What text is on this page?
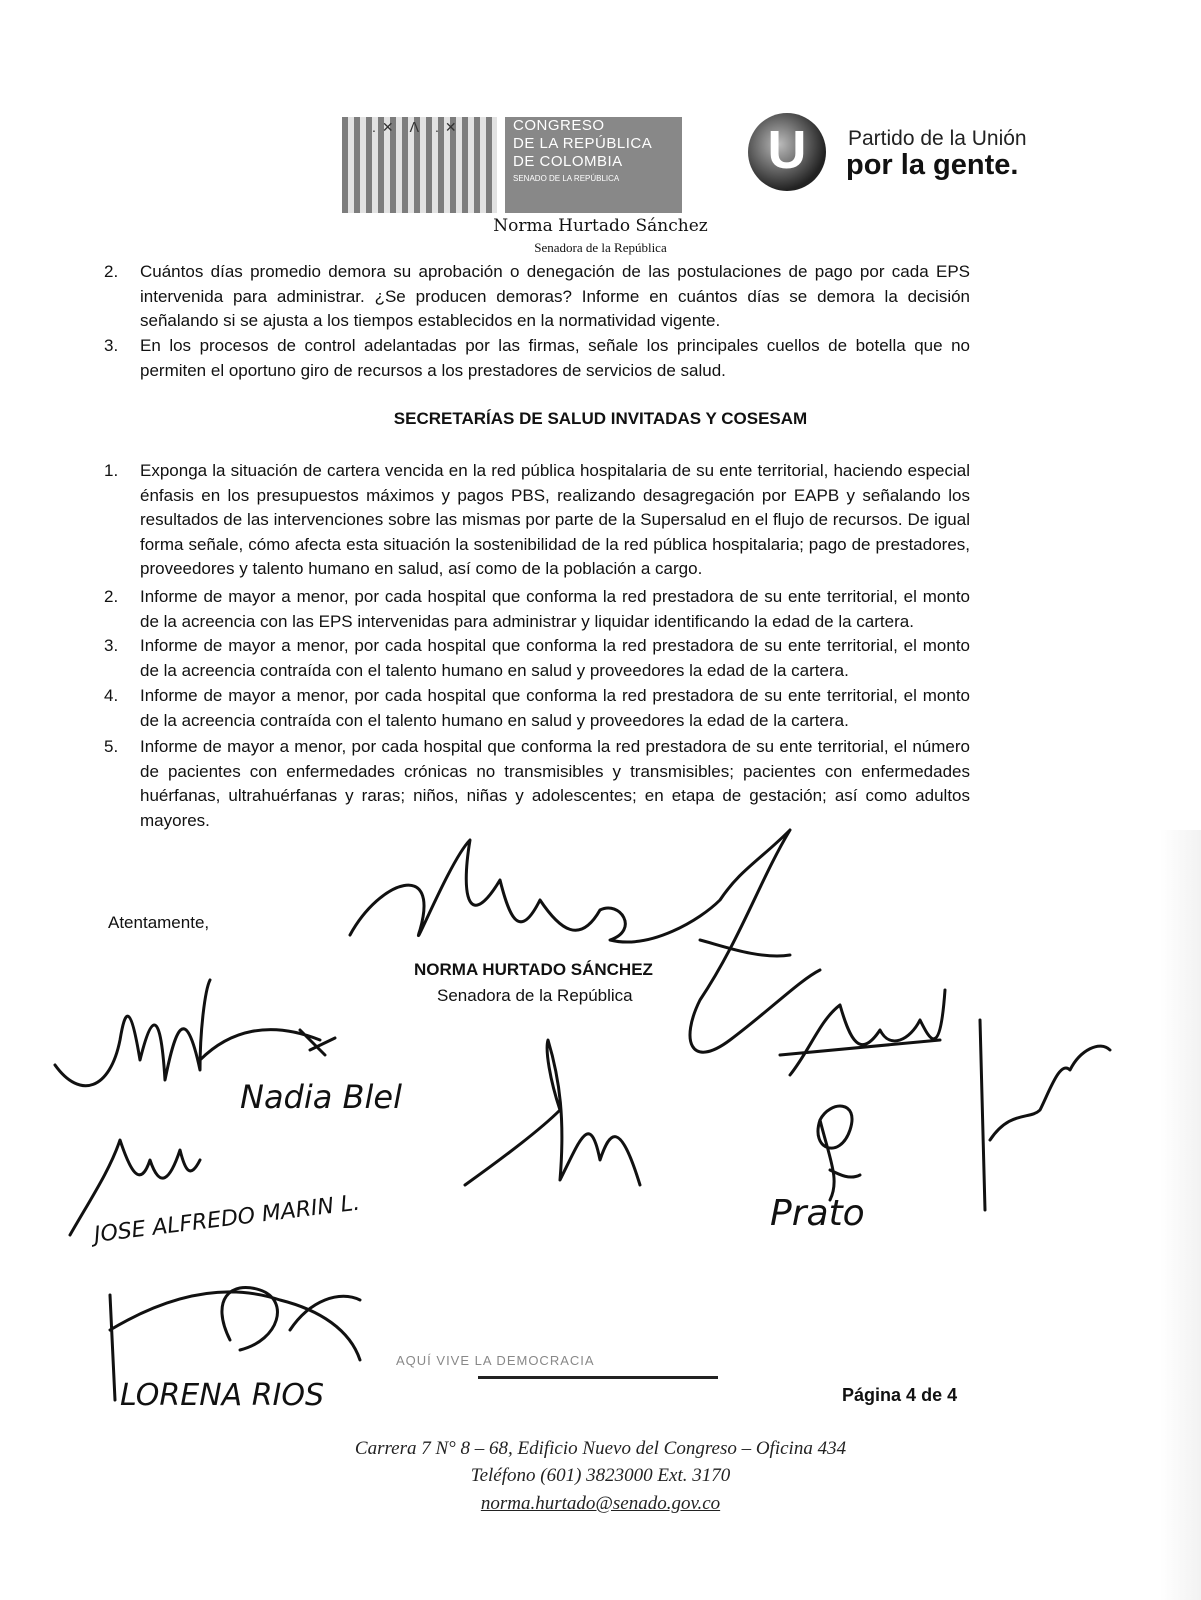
.✕ ᐱ .✕	CONGRESO
DE LA REPÚBLICA
DE COLOMBIA
SENADO DE LA REPÚBLICA	U	Partido de la Unión
por la gente.
Norma Hurtado Sánchez
Senadora de la República
2. Cuántos días promedio demora su aprobación o denegación de las postulaciones de pago por cada EPS intervenida para administrar. ¿Se producen demoras? Informe en cuántos días se demora la decisión señalando si se ajusta a los tiempos establecidos en la normatividad vigente.
3. En los procesos de control adelantadas por las firmas, señale los principales cuellos de botella que no permiten el oportuno giro de recursos a los prestadores de servicios de salud.
SECRETARÍAS DE SALUD INVITADAS Y COSESAM
1. Exponga la situación de cartera vencida en la red pública hospitalaria de su ente territorial, haciendo especial énfasis en los presupuestos máximos y pagos PBS, realizando desagregación por EAPB y señalando los resultados de las intervenciones sobre las mismas por parte de la Supersalud en el flujo de recursos. De igual forma señale, cómo afecta esta situación la sostenibilidad de la red pública hospitalaria; pago de prestadores, proveedores y talento humano en salud, así como de la población a cargo.
2. Informe de mayor a menor, por cada hospital que conforma la red prestadora de su ente territorial, el monto de la acreencia con las EPS intervenidas para administrar y liquidar identificando la edad de la cartera.
3. Informe de mayor a menor, por cada hospital que conforma la red prestadora de su ente territorial, el monto de la acreencia contraída con el talento humano en salud y proveedores la edad de la cartera.
4. Informe de mayor a menor, por cada hospital que conforma la red prestadora de su ente territorial, el monto de la acreencia contraída con el talento humano en salud y proveedores la edad de la cartera.
5. Informe de mayor a menor, por cada hospital que conforma la red prestadora de su ente territorial, el número de pacientes con enfermedades crónicas no transmisibles y transmisibles; pacientes con enfermedades huérfanas, ultrahuérfanas y raras; niños, niñas y adolescentes; en etapa de gestación; así como adultos mayores.
Atentamente,
NORMA HURTADO SÁNCHEZ
Senadora de la República
Nadia Blel
JOSE ALFREDO MARIN L.
LORENA RIOS
Prato
AQUÍ VIVE LA DEMOCRACIA
Página 4 de 4
Carrera 7 N° 8 – 68, Edificio Nuevo del Congreso – Oficina 434
Teléfono (601) 3823000 Ext. 3170
norma.hurtado@senado.gov.co
